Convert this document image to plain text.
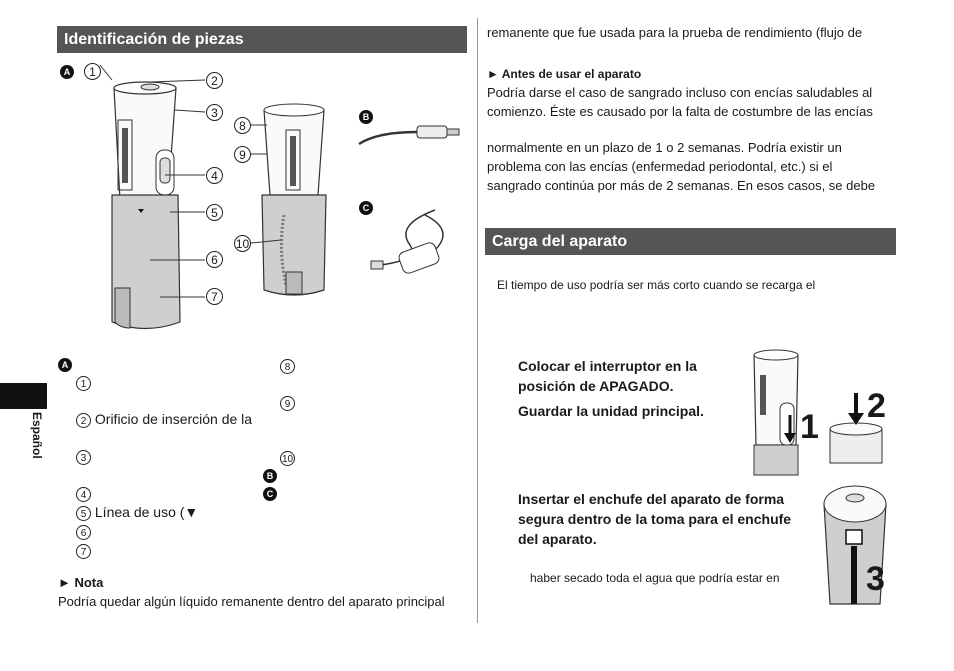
Identificación de piezas
A	1
2
3
4
5
6
7
8
9
10
B
C
A
1
2 Orificio de inserción de la
3
4
5 Línea de uso (▼
6
7
8
9
10
B
C
► Nota
Podría quedar algún líquido remanente dentro del aparato principal
Español
remanente que fue usada para la prueba de rendimiento (flujo de
► Antes de usar el aparato
Podría darse el caso de sangrado incluso con encías saludables al
comienzo. Éste es causado por la falta de costumbre de las encías
normalmente en un plazo de 1 o 2 semanas. Podría existir un
problema con las encías (enfermedad periodontal, etc.) si el
sangrado continúa por más de 2 semanas. En esos casos, se debe
Carga del aparato
El tiempo de uso podría ser más corto cuando se recarga el
Colocar el interruptor en la
posición de APAGADO.
Guardar la unidad principal.	1
2
Insertar el enchufe del aparato de forma
segura dentro de la toma para el enchufe
del aparato.
haber secado toda el agua que podría estar en	3
